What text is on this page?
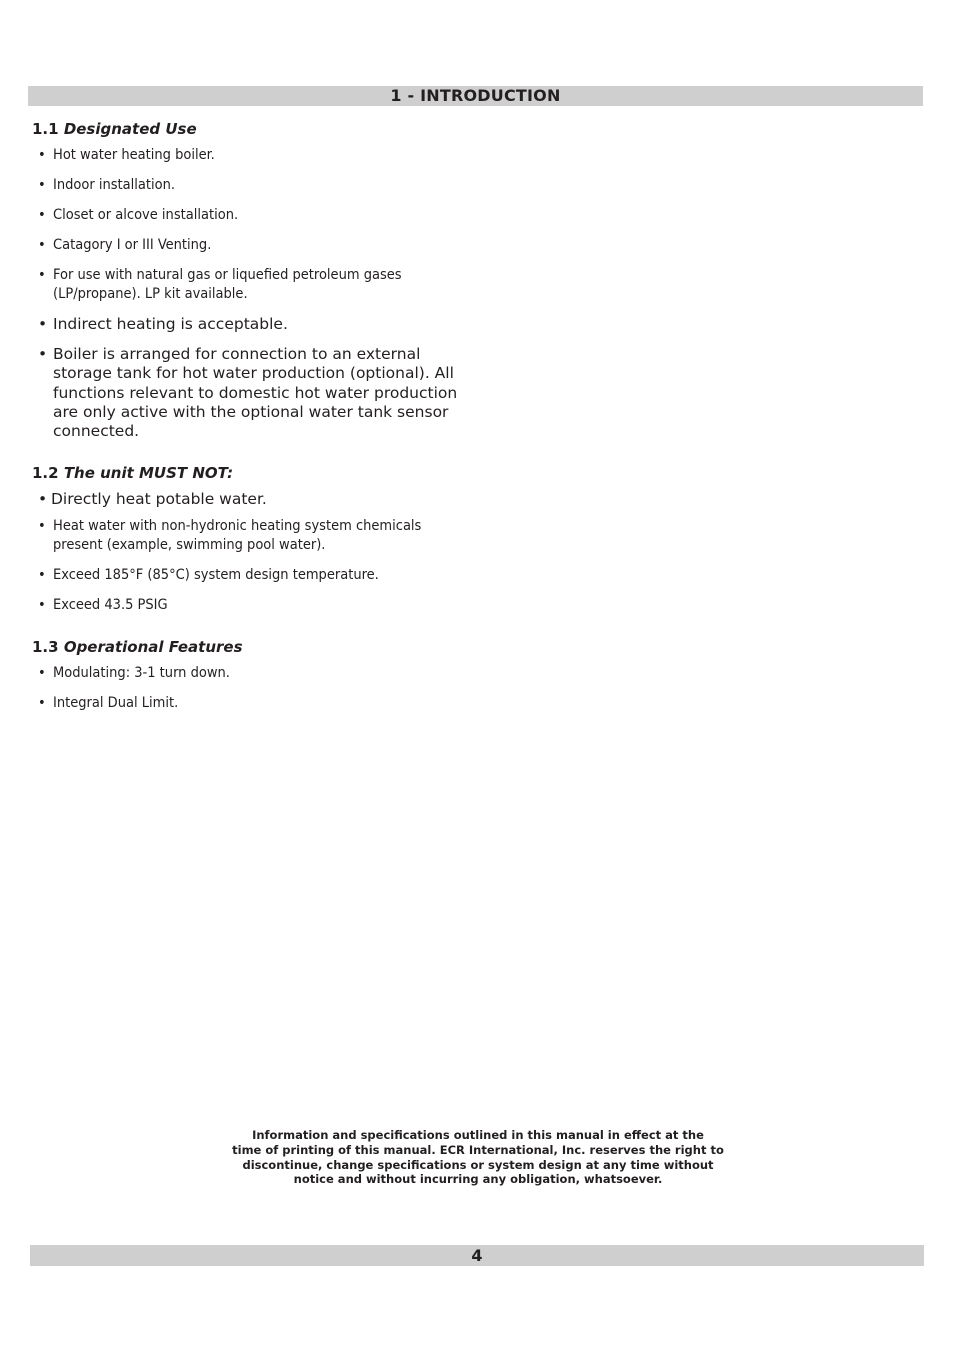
1 - INTRODUCTION
1.1 Designated Use
• Hot water heating boiler.
• Indoor installation.
• Closet or alcove installation.
• Catagory I or III Venting.
• For use with natural gas or liquefied petroleum gases (LP/propane). LP kit available.
• Indirect heating is acceptable.
• Boiler is arranged for connection to an external storage tank for hot water production (optional). All functions relevant to domestic hot water production are only active with the optional water tank sensor connected.
1.2 The unit MUST NOT:
• Directly heat potable water.
• Heat water with non-hydronic heating system chemicals present (example, swimming pool water).
• Exceed 185°F (85°C) system design temperature.
• Exceed 43.5 PSIG
1.3 Operational Features
• Modulating: 3-1 turn down.
• Integral Dual Limit.
Information and specifications outlined in this manual in effect at the
time of printing of this manual. ECR International, Inc. reserves the right to
discontinue, change specifications or system design at any time without
notice and without incurring any obligation, whatsoever.
4
